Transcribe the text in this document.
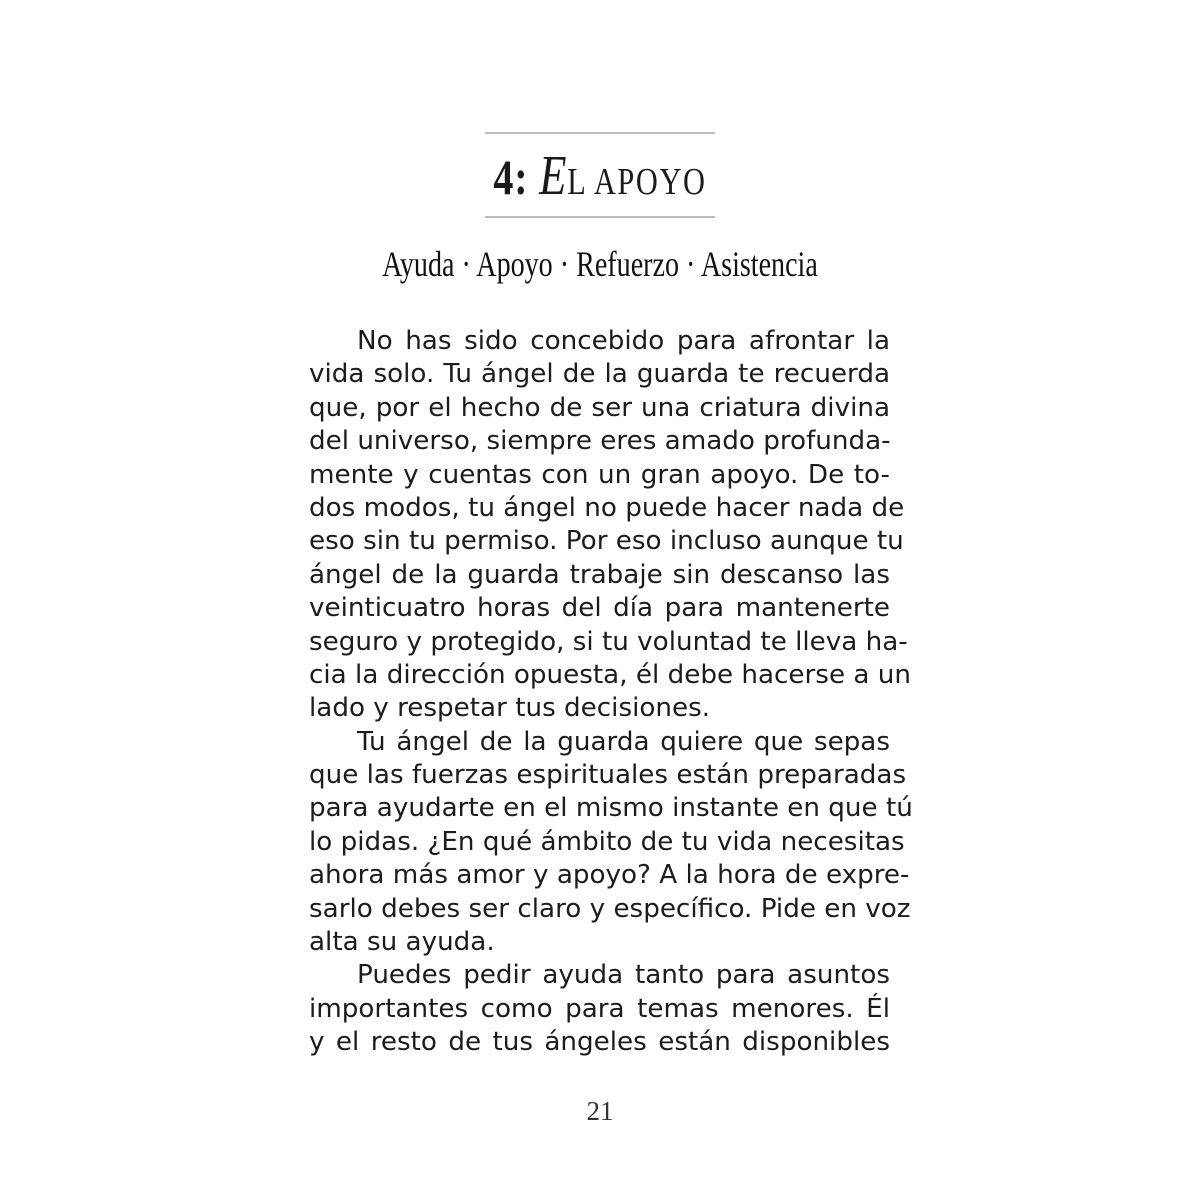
4: EL APOYO
Ayuda · Apoyo · Refuerzo · Asistencia
No has sido concebido para afrontar la
vida solo. Tu ángel de la guarda te recuerda
que, por el hecho de ser una criatura divina
del universo, siempre eres amado profunda-
mente y cuentas con un gran apoyo. De to-
dos modos, tu ángel no puede hacer nada de
eso sin tu permiso. Por eso incluso aunque tu
ángel de la guarda trabaje sin descanso las
veinticuatro horas del día para mantenerte
seguro y protegido, si tu voluntad te lleva ha-
cia la dirección opuesta, él debe hacerse a un
lado y respetar tus decisiones.
Tu ángel de la guarda quiere que sepas
que las fuerzas espirituales están preparadas
para ayudarte en el mismo instante en que tú
lo pidas. ¿En qué ámbito de tu vida necesitas
ahora más amor y apoyo? A la hora de expre-
sarlo debes ser claro y específico. Pide en voz
alta su ayuda.
Puedes pedir ayuda tanto para asuntos
importantes como para temas menores. Él
y el resto de tus ángeles están disponibles
21
